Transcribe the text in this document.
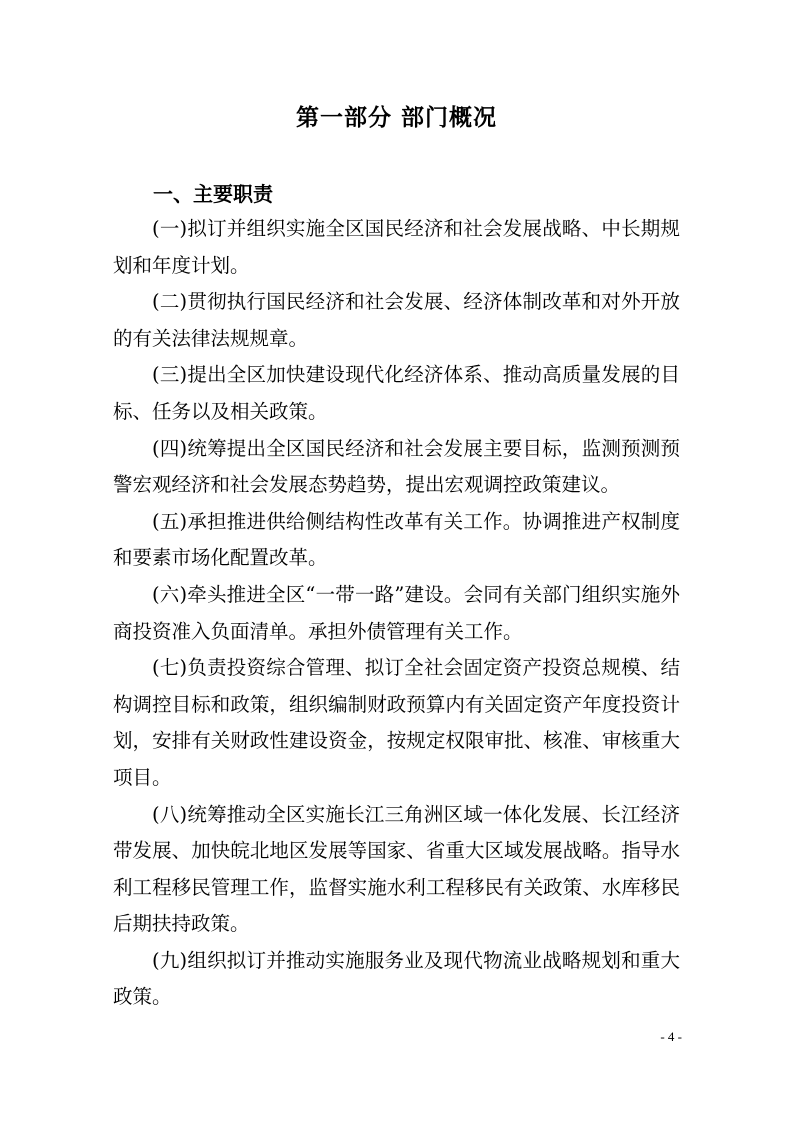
第一部分 部门概况
一、主要职责

(一)拟订并组织实施全区国民经济和社会发展战略、中长期规划和年度计划。

(二)贯彻执行国民经济和社会发展、经济体制改革和对外开放的有关法律法规规章。

(三)提出全区加快建设现代化经济体系、推动高质量发展的目标、任务以及相关政策。

(四)统筹提出全区国民经济和社会发展主要目标，监测预测预警宏观经济和社会发展态势趋势，提出宏观调控政策建议。

(五)承担推进供给侧结构性改革有关工作。协调推进产权制度和要素市场化配置改革。

(六)牵头推进全区“一带一路”建设。会同有关部门组织实施外商投资准入负面清单。承担外债管理有关工作。

(七)负责投资综合管理、拟订全社会固定资产投资总规模、结构调控目标和政策，组织编制财政预算内有关固定资产年度投资计划，安排有关财政性建设资金，按规定权限审批、核准、审核重大项目。

(八)统筹推动全区实施长江三角洲区域一体化发展、长江经济带发展、加快皖北地区发展等国家、省重大区域发展战略。指导水利工程移民管理工作，监督实施水利工程移民有关政策、水库移民后期扶持政策。

(九)组织拟订并推动实施服务业及现代物流业战略规划和重大政策。

- 4 -
